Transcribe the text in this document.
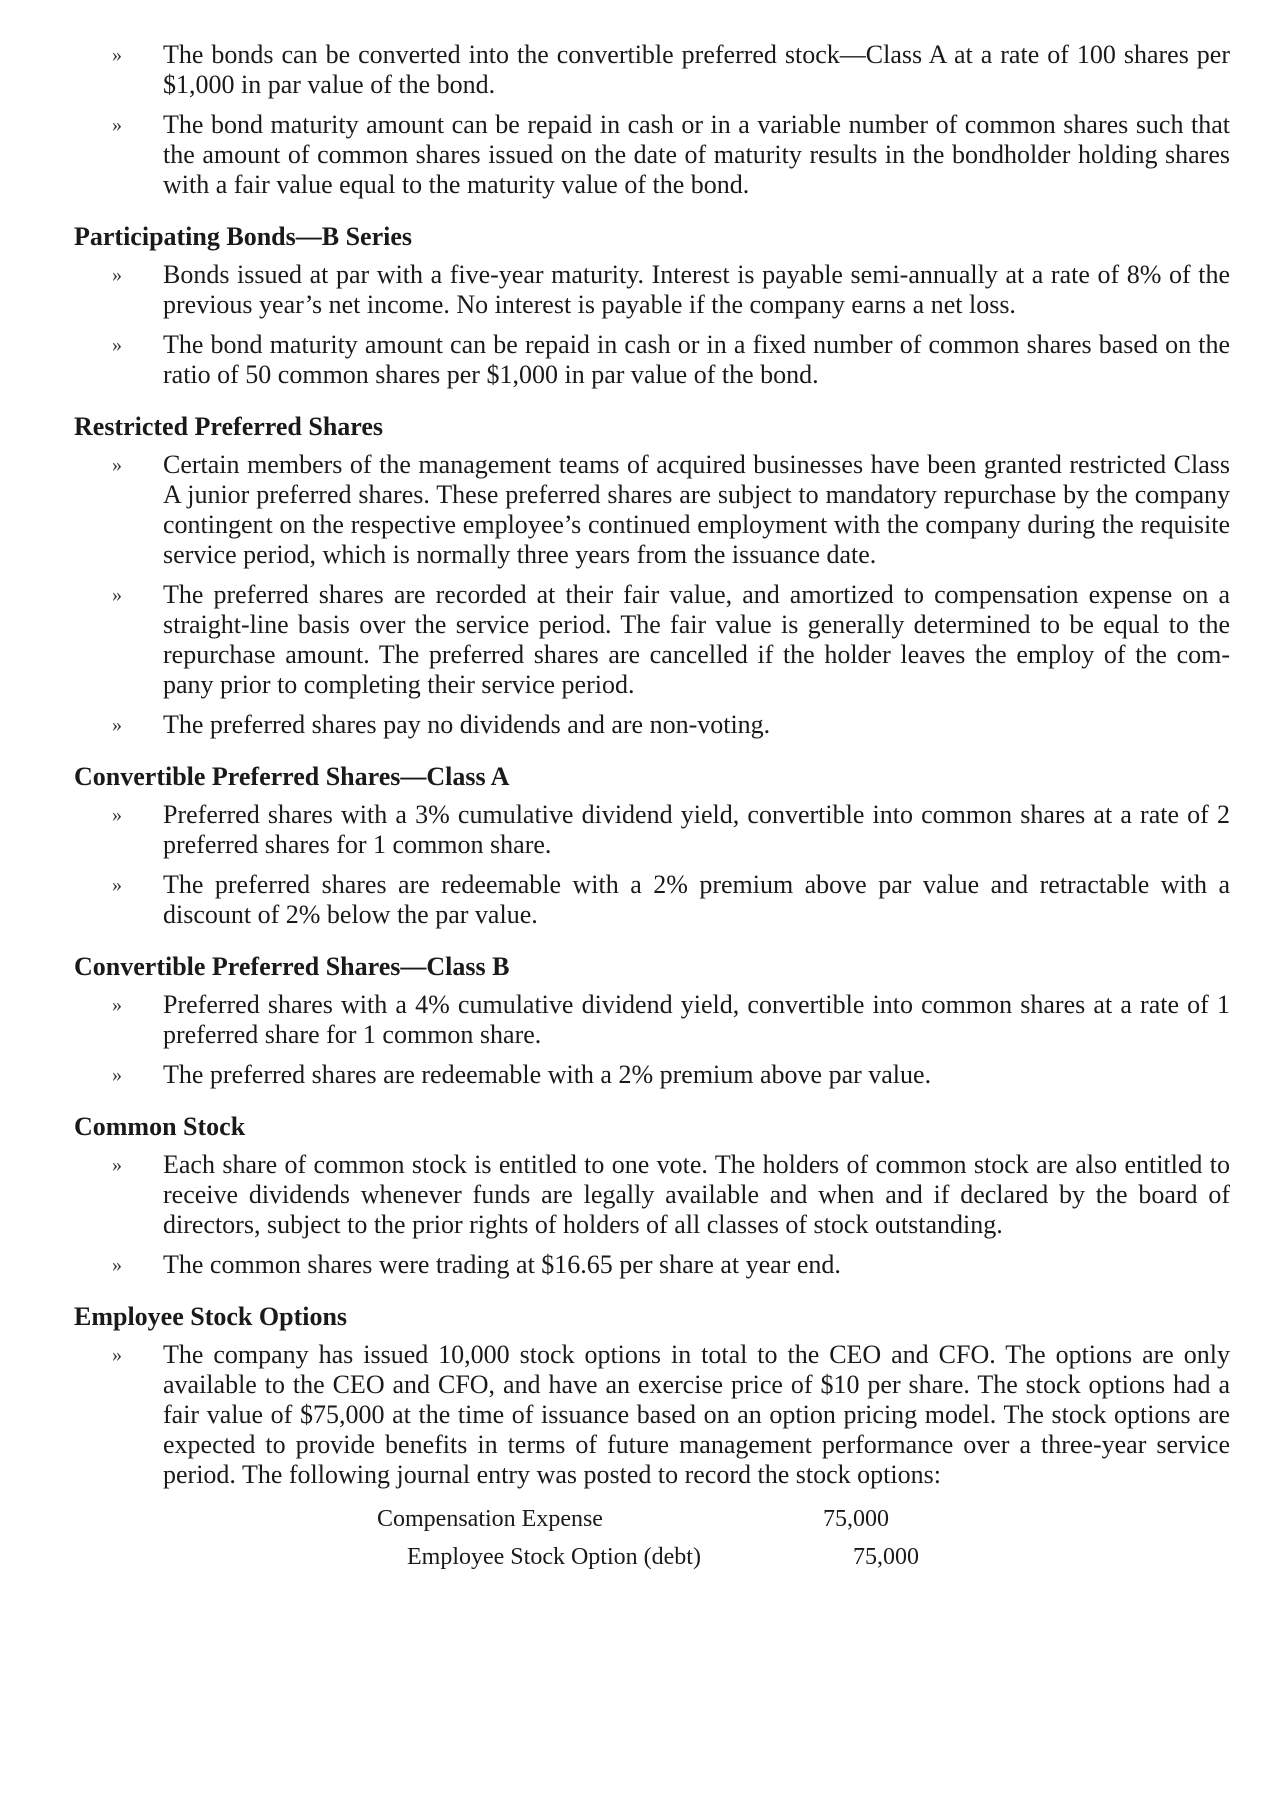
» The bonds can be converted into the convertible preferred stock—Class A at a rate of 100 shares per $1,000 in par value of the bond.
» The bond maturity amount can be repaid in cash or in a variable number of common shares such that the amount of common shares issued on the date of maturity results in the bondholder holding shares with a fair value equal to the maturity value of the bond.
Participating Bonds—B Series
» Bonds issued at par with a five-year maturity. Interest is payable semi-annually at a rate of 8% of the previous year’s net income. No interest is payable if the company earns a net loss.
» The bond maturity amount can be repaid in cash or in a fixed number of common shares based on the ratio of 50 common shares per $1,000 in par value of the bond.
Restricted Preferred Shares
» Certain members of the management teams of acquired businesses have been granted restricted Class A junior preferred shares. These preferred shares are subject to mandatory repurchase by the company contingent on the respective employee’s continued employment with the company during the requisite service period, which is normally three years from the issuance date.
» The preferred shares are recorded at their fair value, and amortized to compensation expense on a straight-line basis over the service period. The fair value is generally determined to be equal to the repurchase amount. The preferred shares are cancelled if the holder leaves the employ of the com-pany prior to completing their service period.
» The preferred shares pay no dividends and are non-voting.
Convertible Preferred Shares—Class A
» Preferred shares with a 3% cumulative dividend yield, convertible into common shares at a rate of 2 preferred shares for 1 common share.
» The preferred shares are redeemable with a 2% premium above par value and retractable with a discount of 2% below the par value.
Convertible Preferred Shares—Class B
» Preferred shares with a 4% cumulative dividend yield, convertible into common shares at a rate of 1 preferred share for 1 common share.
» The preferred shares are redeemable with a 2% premium above par value.
Common Stock
» Each share of common stock is entitled to one vote. The holders of common stock are also entitled to receive dividends whenever funds are legally available and when and if declared by the board of directors, subject to the prior rights of holders of all classes of stock outstanding.
» The common shares were trading at $16.65 per share at year end.
Employee Stock Options
» The company has issued 10,000 stock options in total to the CEO and CFO. The options are only available to the CEO and CFO, and have an exercise price of $10 per share. The stock options had a fair value of $75,000 at the time of issuance based on an option pricing model. The stock options are expected to provide benefits in terms of future management performance over a three-year service period. The following journal entry was posted to record the stock options:
Compensation Expense	75,000
Employee Stock Option (debt)	75,000
